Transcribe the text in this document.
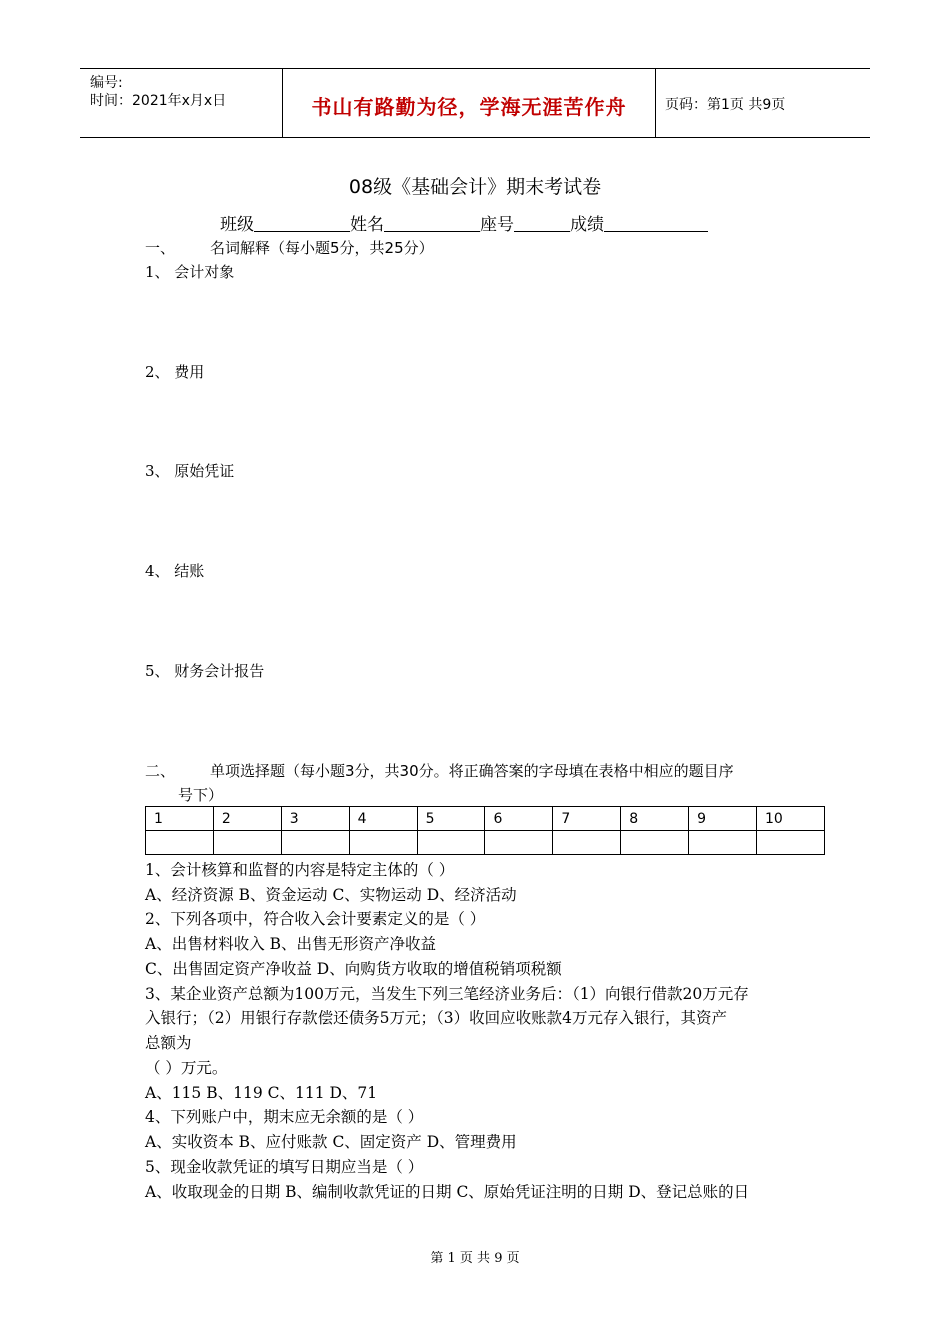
编号:
时间：2021年x月x日	书山有路勤为径，学海无涯苦作舟	页码：第1页 共9页
08级《基础会计》期末考试卷
班级	姓名	座号	成绩
一、 名词解释（每小题5分，共25分）
1、 会计对象
2、 费用
3、 原始凭证
4、 结账
5、 财务会计报告
二、 单项选择题（每小题3分，共30分。将正确答案的字母填在表格中相应的题目序
号下）
1	2	3	4	5	6	7	8	9	10

1、会计核算和监督的内容是特定主体的（ ）
A、经济资源 B、资金运动 C、实物运动 D、经济活动
2、下列各项中，符合收入会计要素定义的是（ ）
A、出售材料收入 B、出售无形资产净收益
C、出售固定资产净收益 D、向购货方收取的增值税销项税额
3、某企业资产总额为100万元，当发生下列三笔经济业务后：（1）向银行借款20万元存
入银行；（2）用银行存款偿还债务5万元；（3）收回应收账款4万元存入银行，其资产
总额为
（ ）万元。
A、115 B、119 C、111 D、71
4、下列账户中，期末应无余额的是（ ）
A、实收资本 B、应付账款 C、固定资产 D、管理费用
5、现金收款凭证的填写日期应当是（ ）
A、收取现金的日期 B、编制收款凭证的日期 C、原始凭证注明的日期 D、登记总账的日
第 1 页 共 9 页
